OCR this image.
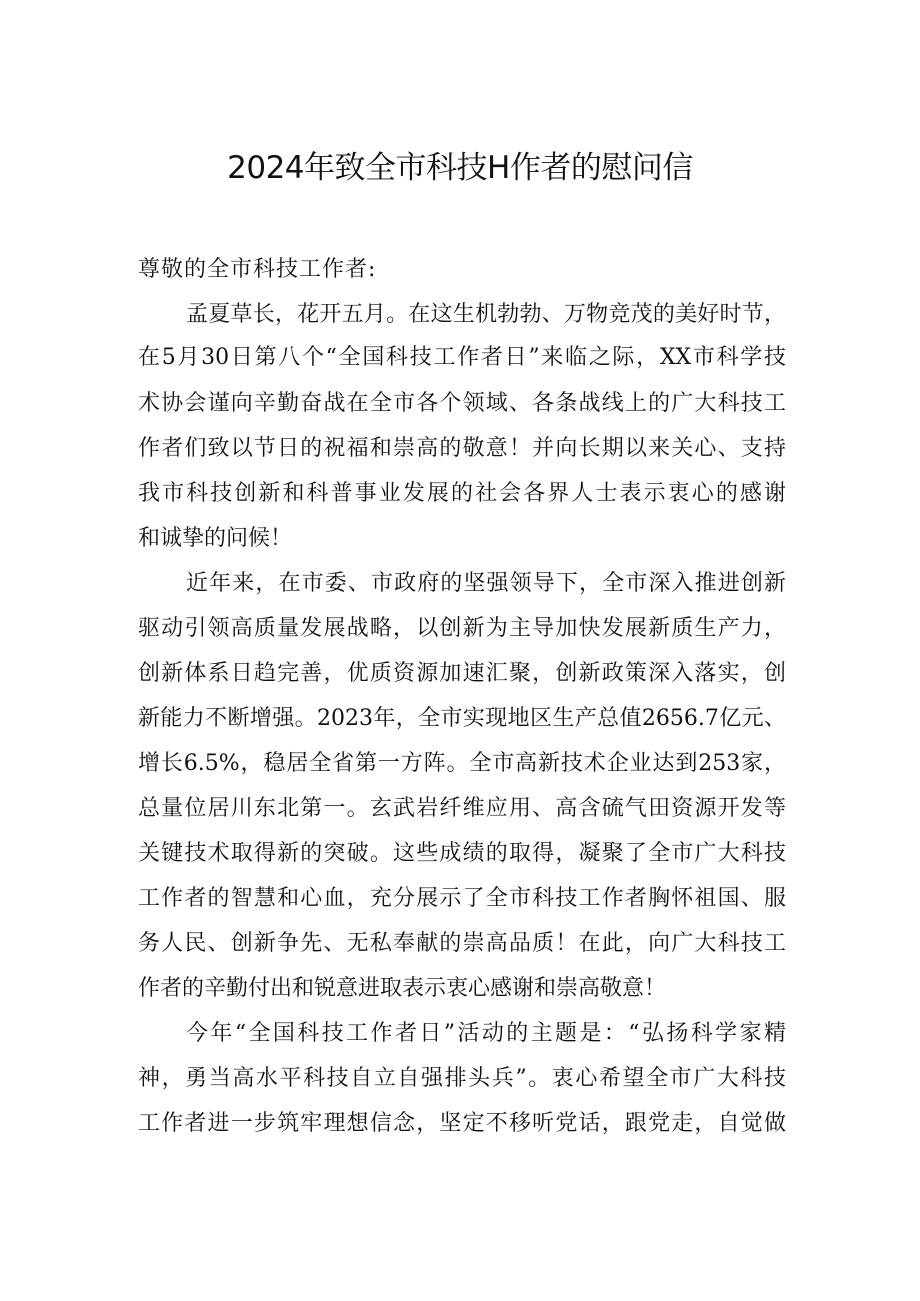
2024年致全市科技H作者的慰问信
尊敬的全市科技工作者:
孟夏草长，花开五月。在这生机勃勃、万物竞茂的美好时节，
在5月30日第八个“全国科技工作者日”来临之际，XX市科学技
术协会谨向辛勤奋战在全市各个领域、各条战线上的广大科技工
作者们致以节日的祝福和崇高的敬意！并向长期以来关心、支持
我市科技创新和科普事业发展的社会各界人士表示衷心的感谢
和诚挚的问候！
近年来，在市委、市政府的坚强领导下，全市深入推进创新
驱动引领高质量发展战略，以创新为主导加快发展新质生产力，
创新体系日趋完善，优质资源加速汇聚，创新政策深入落实，创
新能力不断增强。2023年，全市实现地区生产总值2656.7亿元、
增长6.5%，稳居全省第一方阵。全市高新技术企业达到253家，
总量位居川东北第一。玄武岩纤维应用、高含硫气田资源开发等
关键技术取得新的突破。这些成绩的取得，凝聚了全市广大科技
工作者的智慧和心血，充分展示了全市科技工作者胸怀祖国、服
务人民、创新争先、无私奉献的崇高品质！在此，向广大科技工
作者的辛勤付出和锐意进取表示衷心感谢和崇高敬意！
今年“全国科技工作者日”活动的主题是：“弘扬科学家精
神，勇当高水平科技自立自强排头兵”。衷心希望全市广大科技
工作者进一步筑牢理想信念，坚定不移听党话，跟党走，自觉做
